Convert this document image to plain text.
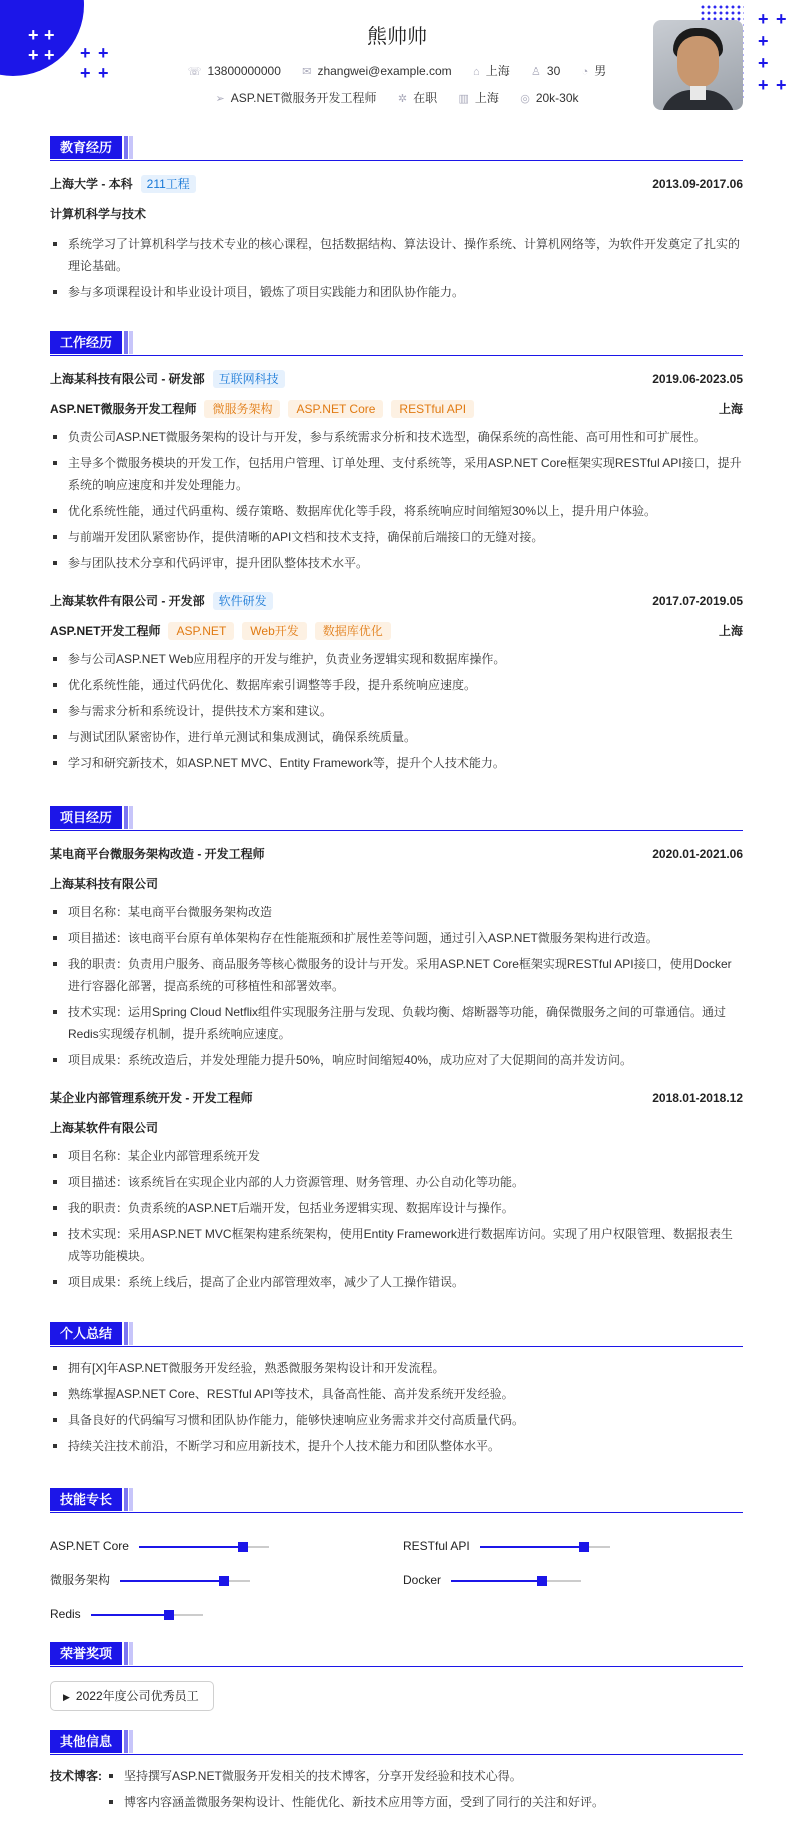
+ +
+ + + +
+ +
+ +
+
+
+ +
熊帅帅
☏ 13800000000 ✉ zhangwei@example.com ⌂ 上海 ♙ 30 ◔ 男
➢ ASP.NET微服务开发工程师 ✲ 在职 ▥ 上海 ◎ 20k-30k
教育经历
上海大学 - 本科 211工程	2013.09-2017.06
计算机科学与技术
系统学习了计算机科学与技术专业的核心课程，包括数据结构、算法设计、操作系统、计算机网络等，为软件开发奠定了扎实的理论基础。
参与多项课程设计和毕业设计项目，锻炼了项目实践能力和团队协作能力。
工作经历
上海某科技有限公司 - 研发部 互联网科技	2019.06-2023.05
ASP.NET微服务开发工程师 微服务架构 ASP.NET Core RESTful API	上海
负责公司ASP.NET微服务架构的设计与开发，参与系统需求分析和技术选型，确保系统的高性能、高可用性和可扩展性。
主导多个微服务模块的开发工作，包括用户管理、订单处理、支付系统等，采用ASP.NET Core框架实现RESTful API接口，提升系统的响应速度和并发处理能力。
优化系统性能，通过代码重构、缓存策略、数据库优化等手段，将系统响应时间缩短30%以上，提升用户体验。
与前端开发团队紧密协作，提供清晰的API文档和技术支持，确保前后端接口的无缝对接。
参与团队技术分享和代码评审，提升团队整体技术水平。
上海某软件有限公司 - 开发部 软件研发	2017.07-2019.05
ASP.NET开发工程师 ASP.NET Web开发 数据库优化	上海
参与公司ASP.NET Web应用程序的开发与维护，负责业务逻辑实现和数据库操作。
优化系统性能，通过代码优化、数据库索引调整等手段，提升系统响应速度。
参与需求分析和系统设计，提供技术方案和建议。
与测试团队紧密协作，进行单元测试和集成测试，确保系统质量。
学习和研究新技术，如ASP.NET MVC、Entity Framework等，提升个人技术能力。
项目经历
某电商平台微服务架构改造 - 开发工程师	2020.01-2021.06
上海某科技有限公司
项目名称：某电商平台微服务架构改造
项目描述：该电商平台原有单体架构存在性能瓶颈和扩展性差等问题，通过引入ASP.NET微服务架构进行改造。
我的职责：负责用户服务、商品服务等核心微服务的设计与开发。采用ASP.NET Core框架实现RESTful API接口，使用Docker进行容器化部署，提高系统的可移植性和部署效率。
技术实现：运用Spring Cloud Netflix组件实现服务注册与发现、负载均衡、熔断器等功能，确保微服务之间的可靠通信。通过Redis实现缓存机制，提升系统响应速度。
项目成果：系统改造后，并发处理能力提升50%，响应时间缩短40%，成功应对了大促期间的高并发访问。
某企业内部管理系统开发 - 开发工程师	2018.01-2018.12
上海某软件有限公司
项目名称：某企业内部管理系统开发
项目描述：该系统旨在实现企业内部的人力资源管理、财务管理、办公自动化等功能。
我的职责：负责系统的ASP.NET后端开发，包括业务逻辑实现、数据库设计与操作。
技术实现：采用ASP.NET MVC框架构建系统架构，使用Entity Framework进行数据库访问。实现了用户权限管理、数据报表生成等功能模块。
项目成果：系统上线后，提高了企业内部管理效率，减少了人工操作错误。
个人总结
拥有[X]年ASP.NET微服务开发经验，熟悉微服务架构设计和开发流程。
熟练掌握ASP.NET Core、RESTful API等技术，具备高性能、高并发系统开发经验。
具备良好的代码编写习惯和团队协作能力，能够快速响应业务需求并交付高质量代码。
持续关注技术前沿，不断学习和应用新技术，提升个人技术能力和团队整体水平。
技能专长
ASP.NET Core	RESTful API
微服务架构	Docker
Redis
荣誉奖项
▶ 2022年度公司优秀员工
其他信息
技术博客:	坚持撰写ASP.NET微服务开发相关的技术博客，分享开发经验和技术心得。
博客内容涵盖微服务架构设计、性能优化、新技术应用等方面，受到了同行的关注和好评。
